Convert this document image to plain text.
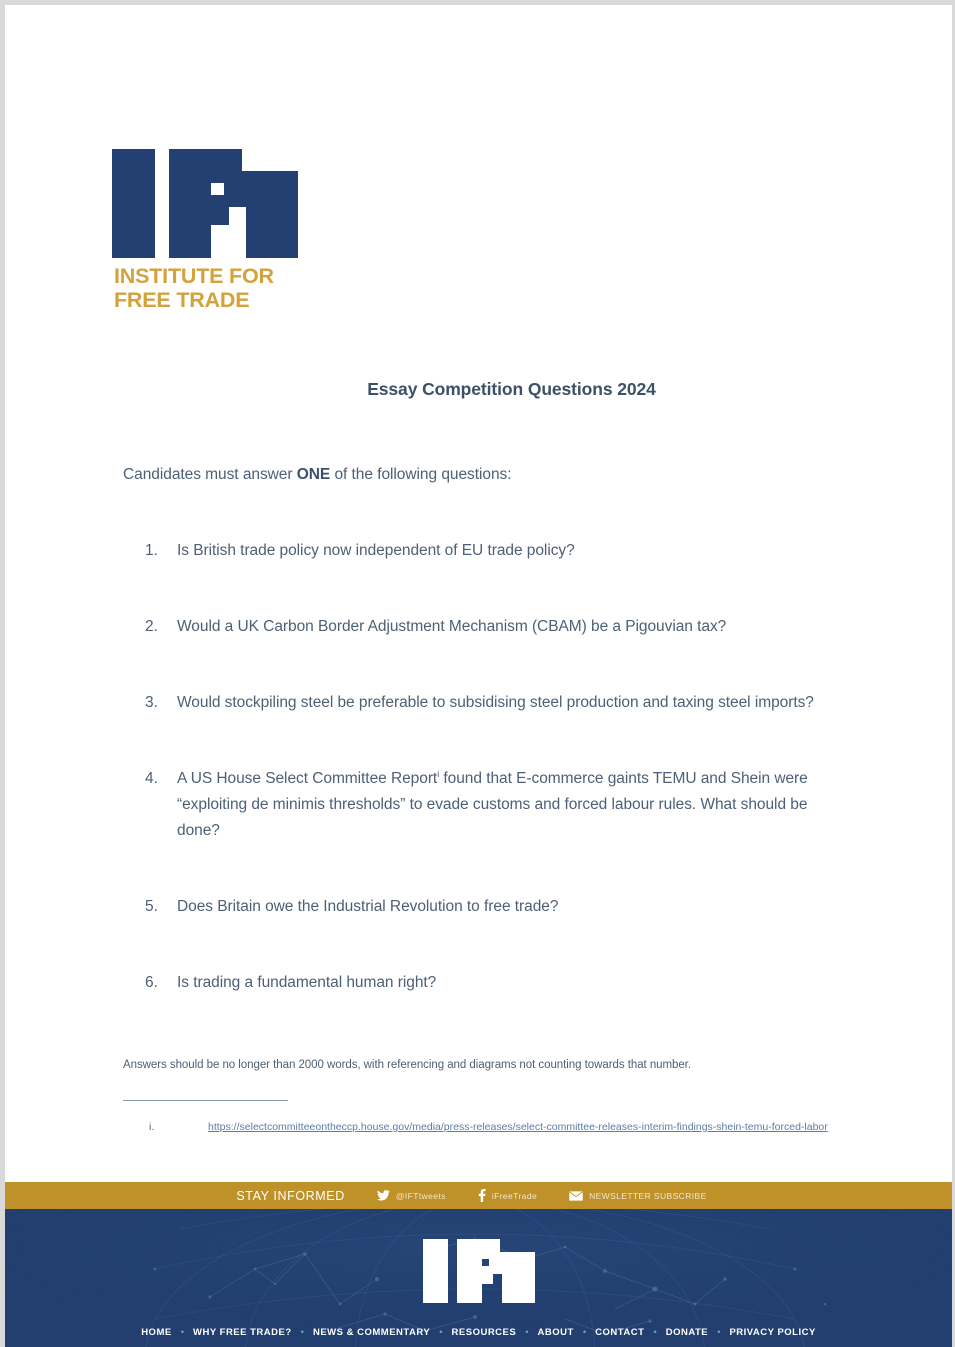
INSTITUTE FOR
FREE TRADE
Essay Competition Questions 2024
Candidates must answer ONE of the following questions:
1.	Is British trade policy now independent of EU trade policy?
2.	Would a UK Carbon Border Adjustment Mechanism (CBAM) be a Pigouvian tax?
3.	Would stockpiling steel be preferable to subsidising steel production and taxing steel imports?
4.	A US House Select Committee Report$^i$ found that E-commerce gaints TEMU and Shein were “exploiting de minimis thresholds” to evade customs and forced labour rules. What should be done?
5.	Does Britain owe the Industrial Revolution to free trade?
6.	Is trading a fundamental human right?
Answers should be no longer than 2000 words, with referencing and diagrams not counting towards that number.
i.	https://selectcommitteeontheccp.house.gov/media/press-releases/select-committee-releases-interim-findings-shein-temu-forced-labor
STAY INFORMED	@IFTtweets	iFreeTrade	NEWSLETTER SUBSCRIBE
HOME • WHY FREE TRADE? • NEWS & COMMENTARY • RESOURCES • ABOUT • CONTACT • DONATE • PRIVACY POLICY
